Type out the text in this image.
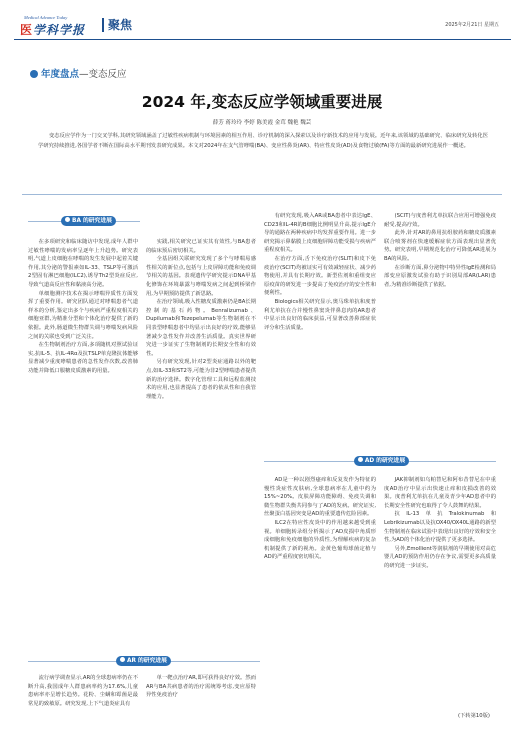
Medical Advance Today
医学科学报 聚焦	2025年2月21日 星期五
年度盘点—变态反应
2024 年,变态反应学领域重要进展
薛芳 蒋玲玲 李婷 陈美霞 金茸 魏艳 魏芸
变态反应学作为一门交叉学科,其研究领域涵盖了过敏性疾病机制与环境因素的相互作用、诊疗机制的深入探索以及诊疗新技术的应用与发展。近年来,该领域的基础研究、临床研究及转化医学研究持续推进,各国学者不断在国际高水平期刊发表研究成果。本文对2024年在支气管哮喘(BA)、变应性鼻炎(AR)、特应性皮炎(AD)及食物过敏(FA)等方面的最新研究进展作一概述。
BA 的研究进展

在多项研究和临床随访中发现,成年人群中过敏性哮喘的发病率呈逐年上升趋势。研究表明,气道上皮细胞在哮喘的发生发展中起着关键作用,其分泌的警报素如IL-33、TSLP等可激活2型固有淋巴细胞(ILC2),诱导Th2型炎症反应,导致气道高反应性和黏液高分泌。

单细胞测序技术在揭示哮喘异质性方面发挥了重要作用。研究团队通过对哮喘患者气道样本的分析,鉴定出多个与疾病严重程度相关的细胞亚群,为精准分型和个体化治疗提供了新的依据。此外,肠道微生物群失调与哮喘发病风险之间的关联也受到广泛关注。

在生物制剂治疗方面,多项随机对照试验证实,抗IL-5、抗IL-4Rα及抗TSLP单克隆抗体能够显著减少重度哮喘患者的急性发作次数,改善肺功能并降低口服糖皮质激素的用量。

AR 的研究进展

流行病学调查显示,AR的全球患病率仍在不断升高,我国成年人群患病率约为17.6%,儿童患病率亦呈增长趋势。花粉、尘螨和霉菌是最常见的致敏原。研究发现,上下气道炎症具有

实践,相关研究已证实其有效性,与BA患者的临床预后密切相关。

全基因组关联研究发现了多个与哮喘易感性相关的新位点,包括与上皮屏障功能和免疫调节相关的基因。表观遗传学研究提示DNA甲基化修饰在环境暴露与哮喘发病之间起到桥梁作用,为早期预防提供了新思路。

在治疗领域,吸入性糖皮质激素仍是BA长期控制的基石药物。Benralizumab、Dupilumab和Tezepelumab等生物制剂在不同表型哮喘患者中均显示出良好的疗效,能够显著减少急性发作并改善生活质量。真实世界研究进一步证实了生物制剂的长期安全性和有效性。

另有研究发现,针对2型炎症通路以外的靶点,如IL-33和ST2等,可能为非2型哮喘患者提供新的治疗选择。数字化管理工具和远程监测技术的应用,也显著提高了患者的依从性和自我管理能力。

单一靶点治疗AR,即可获得良好疗效。然而AR与BA共病患者的治疗需统筹考虑,变应原特异性免疫治疗

有研究发现,吸入AR或BA患者中表达IgE、CD23和IL-4R的B细胞比例明显升高,提示IgE介导的通路在两种疾病中均发挥重要作用。进一步研究揭示鼻黏膜上皮细胞屏障功能受损与疾病严重程度相关。

在治疗方面,舌下免疫治疗(SLIT)和皮下免疫治疗(SCIT)均被证实可有效减轻症状、减少药物使用,并具有长期疗效。新型佐剂和重组变应原疫苗的研发进一步提高了免疫治疗的安全性和便利性。

Biologics相关研究显示,奥马珠单抗和度普利尤单抗在合并慢性鼻窦炎伴鼻息肉的AR患者中显示出良好的临床获益,可显著改善鼻部症状评分和生活质量。

AD 的研究进展

AD是一种以剧烈瘙痒和反复发作为特征的慢性炎症性皮肤病,全球患病率在儿童中约为15%~20%。皮肤屏障功能障碍、免疫失调和微生物群失衡共同参与了AD的发病。研究证实,丝聚蛋白基因突变是AD的重要遗传危险因素。

ILC2在特应性皮炎中的作用越来越受到重视。单细胞转录组分析揭示了AD皮损中角质形成细胞和免疫细胞的异质性,为理解疾病的复杂机制提供了新的视角。金黄色葡萄球菌定植与AD的严重程度密切相关。

(SCIT)与度普利尤单抗联合应用可增强免疫耐受,提高疗效。

此外,针对AR的鼻用抗组胺药和糖皮质激素联合喷雾剂在快速缓解症状方面表现出显著优势。研究表明,早期规范化治疗可降低AR进展为BA的风险。

在诊断方面,鼻分泌物中特异性IgE检测和局部变应原激发试验有助于识别局部AR(LAR)患者,为精准诊断提供了依据。

JAK抑制剂如乌帕替尼和阿布昔替尼在中重度AD治疗中显示出快速止痒和皮损改善的效果。度普利尤单抗在儿童及青少年AD患者中的长期安全性研究也取得了令人鼓舞的结果。

抗IL-13单抗Tralokinumab和Lebrikizumab以及抗OX40/OX40L通路的新型生物制剂在临床试验中表现出良好的疗效和安全性,为AD的个体化治疗提供了更多选择。

另外,Emollient等润肤剂的早期使用对高危婴儿AD的预防作用仍存在争议,需要更多高质量的研究进一步证实。

(下转第10版)
